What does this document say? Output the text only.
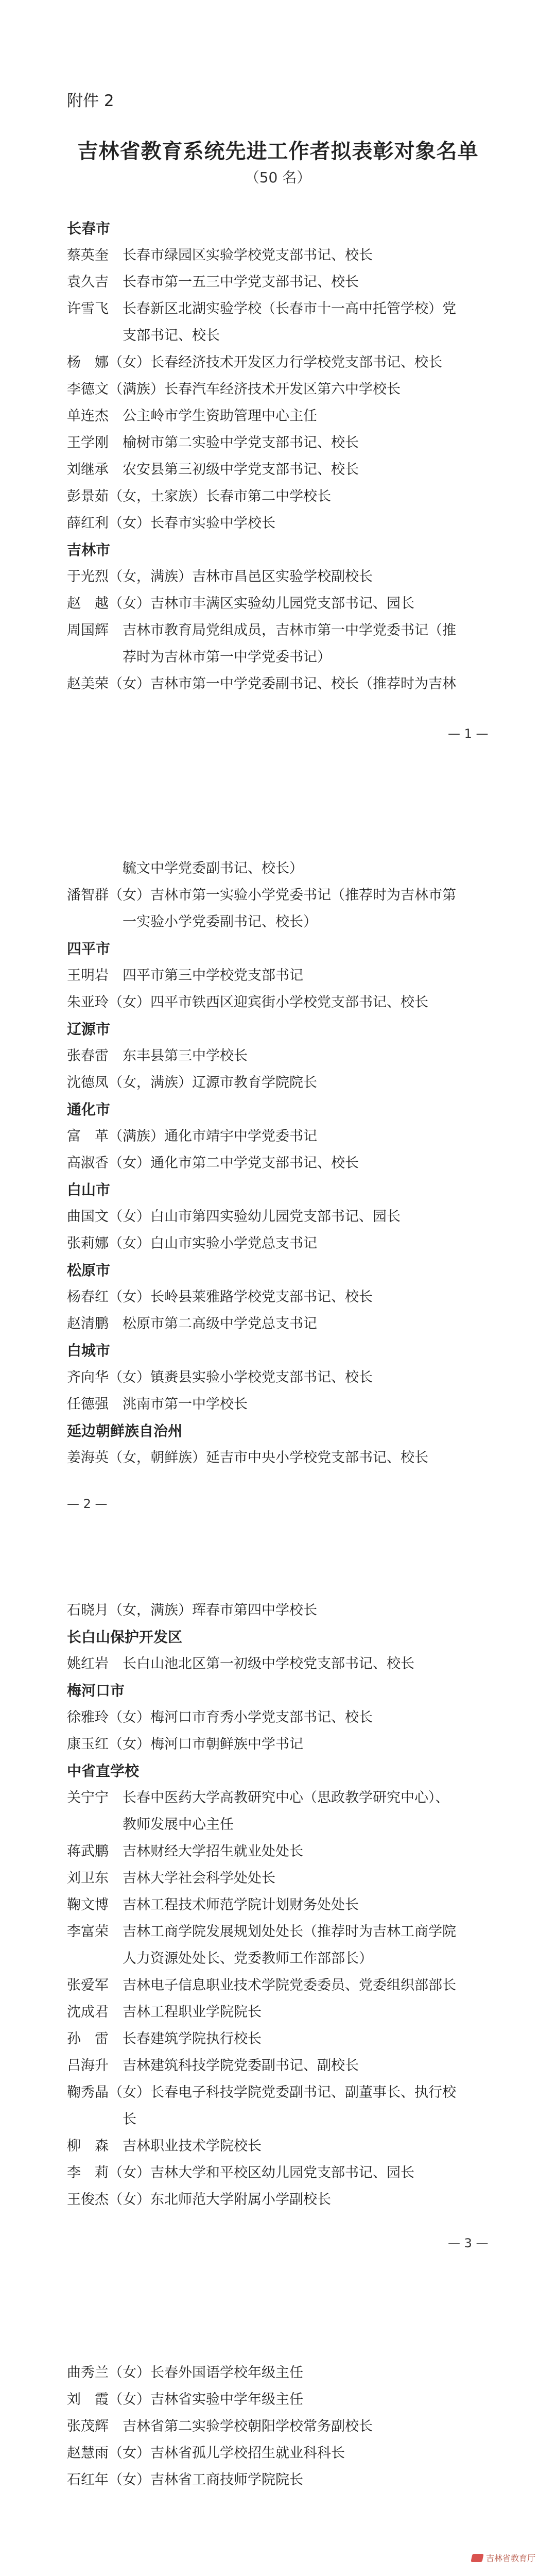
附件 2
吉林省教育系统先进工作者拟表彰对象名单
（50 名）
长春市
蔡英奎　长春市绿园区实验学校党支部书记、校长
袁久吉　长春市第一五三中学党支部书记、校长
许雪飞　长春新区北湖实验学校（长春市十一高中托管学校）党
　　　　支部书记、校长
杨　娜（女）长春经济技术开发区力行学校党支部书记、校长
李德文（满族）长春汽车经济技术开发区第六中学校长
单连杰　公主岭市学生资助管理中心主任
王学刚　榆树市第二实验中学党支部书记、校长
刘继承　农安县第三初级中学党支部书记、校长
彭景茹（女，土家族）长春市第二中学校长
薛红利（女）长春市实验中学校长
吉林市
于光烈（女，满族）吉林市昌邑区实验学校副校长
赵　越（女）吉林市丰满区实验幼儿园党支部书记、园长
周国辉　吉林市教育局党组成员，吉林市第一中学党委书记（推
　　　　荐时为吉林市第一中学党委书记）
赵美荣（女）吉林市第一中学党委副书记、校长（推荐时为吉林
　　　　毓文中学党委副书记、校长）
潘智群（女）吉林市第一实验小学党委书记（推荐时为吉林市第
　　　　一实验小学党委副书记、校长）
四平市
王明岩　四平市第三中学校党支部书记
朱亚玲（女）四平市铁西区迎宾街小学校党支部书记、校长
辽源市
张春雷　东丰县第三中学校长
沈德凤（女，满族）辽源市教育学院院长
通化市
富　革（满族）通化市靖宇中学党委书记
高淑香（女）通化市第二中学党支部书记、校长
白山市
曲国文（女）白山市第四实验幼儿园党支部书记、园长
张莉娜（女）白山市实验小学党总支书记
松原市
杨春红（女）长岭县莱雅路学校党支部书记、校长
赵清鹏　松原市第二高级中学党总支书记
白城市
齐向华（女）镇赉县实验小学校党支部书记、校长
任德强　洮南市第一中学校长
延边朝鲜族自治州
姜海英（女，朝鲜族）延吉市中央小学校党支部书记、校长
石晓月（女，满族）珲春市第四中学校长
长白山保护开发区
姚红岩　长白山池北区第一初级中学校党支部书记、校长
梅河口市
徐雅玲（女）梅河口市育秀小学党支部书记、校长
康玉红（女）梅河口市朝鲜族中学书记
中省直学校
关宁宁　长春中医药大学高教研究中心（思政教学研究中心）、
　　　　教师发展中心主任
蒋武鹏　吉林财经大学招生就业处处长
刘卫东　吉林大学社会科学处处长
鞠文博　吉林工程技术师范学院计划财务处处长
李富荣　吉林工商学院发展规划处处长（推荐时为吉林工商学院
　　　　人力资源处处长、党委教师工作部部长）
张爱军　吉林电子信息职业技术学院党委委员、党委组织部部长
沈成君　吉林工程职业学院院长
孙　雷　长春建筑学院执行校长
吕海升　吉林建筑科技学院党委副书记、副校长
鞠秀晶（女）长春电子科技学院党委副书记、副董事长、执行校
　　　　长
柳　森　吉林职业技术学院校长
李　莉（女）吉林大学和平校区幼儿园党支部书记、园长
王俊杰（女）东北师范大学附属小学副校长
曲秀兰（女）长春外国语学校年级主任
刘　霞（女）吉林省实验中学年级主任
张茂辉　吉林省第二实验学校朝阳学校常务副校长
赵慧雨（女）吉林省孤儿学校招生就业科科长
石红年（女）吉林省工商技师学院院长
— 1 —
— 2 —
— 3 —
吉林省教育厅
